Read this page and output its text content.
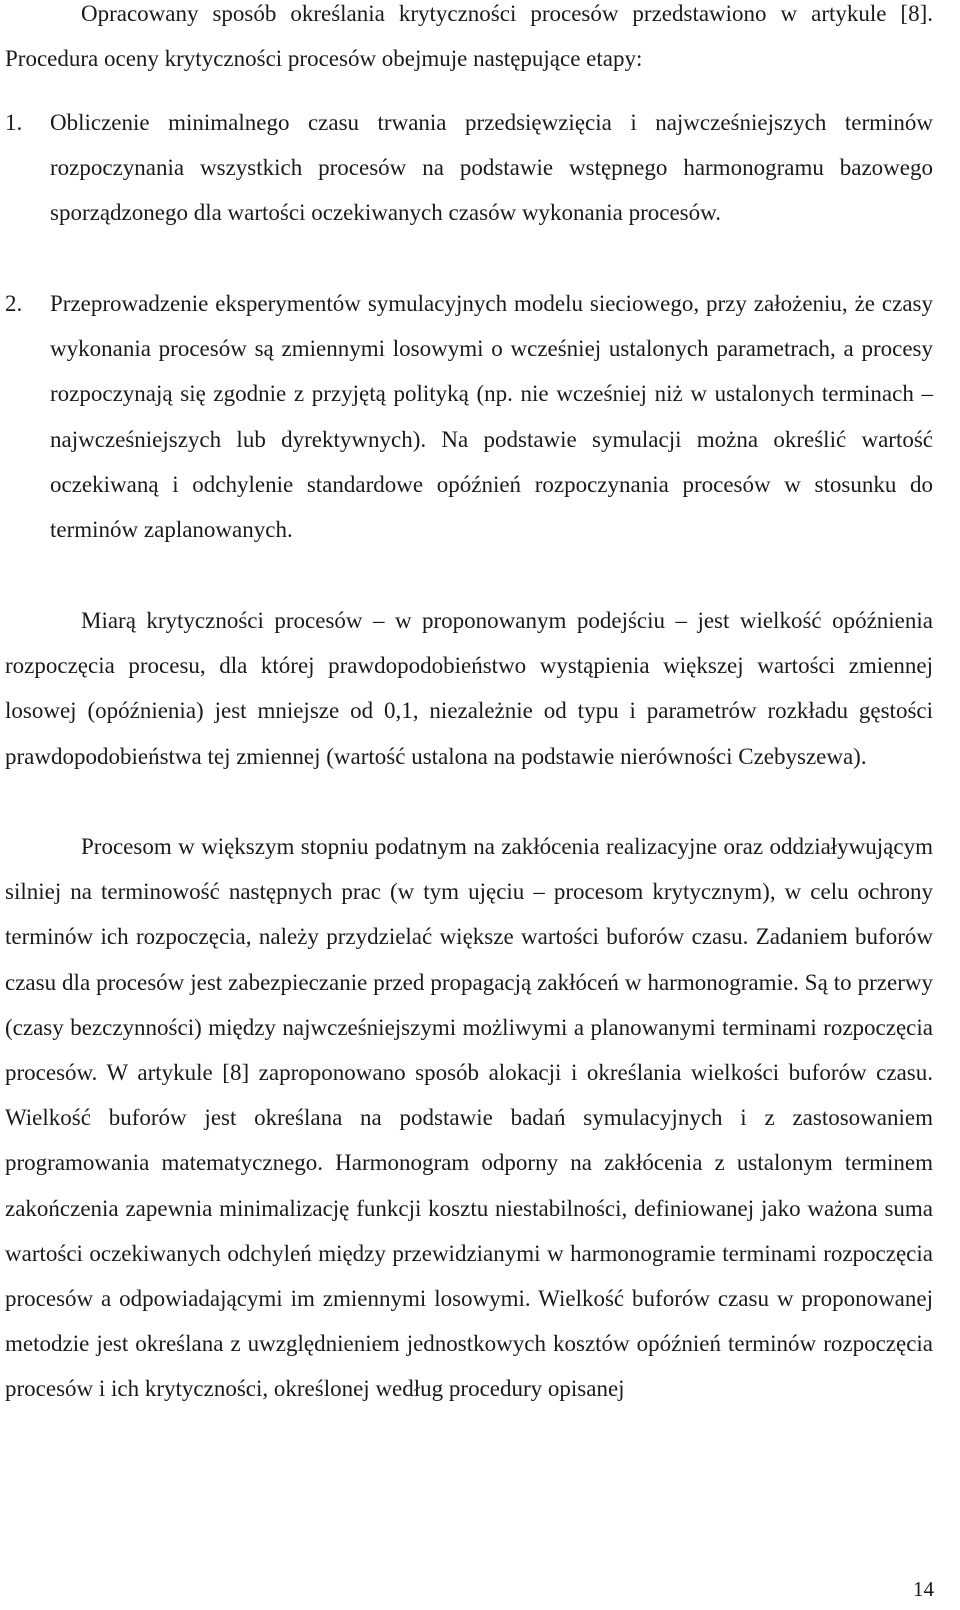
Opracowany sposób określania krytyczności procesów przedstawiono w artykule [8]. Procedura oceny krytyczności procesów obejmuje następujące etapy:

1. Obliczenie minimalnego czasu trwania przedsięwzięcia i najwcześniejszych terminów rozpoczynania wszystkich procesów na podstawie wstępnego harmonogramu bazowego sporządzonego dla wartości oczekiwanych czasów wykonania procesów.
2. Przeprowadzenie eksperymentów symulacyjnych modelu sieciowego, przy założeniu, że czasy wykonania procesów są zmiennymi losowymi o wcześniej ustalonych parametrach, a procesy rozpoczynają się zgodnie z przyjętą polityką (np. nie wcześniej niż w ustalonych terminach – najwcześniejszych lub dyrektywnych). Na podstawie symulacji można określić wartość oczekiwaną i odchylenie standardowe opóźnień rozpoczynania procesów w stosunku do terminów zaplanowanych.

Miarą krytyczności procesów – w proponowanym podejściu – jest wielkość opóźnienia rozpoczęcia procesu, dla której prawdopodobieństwo wystąpienia większej wartości zmiennej losowej (opóźnienia) jest mniejsze od 0,1, niezależnie od typu i parametrów rozkładu gęstości prawdopodobieństwa tej zmiennej (wartość ustalona na podstawie nierówności Czebyszewa).

Procesom w większym stopniu podatnym na zakłócenia realizacyjne oraz oddziaływującym silniej na terminowość następnych prac (w tym ujęciu – procesom krytycznym), w celu ochrony terminów ich rozpoczęcia, należy przydzielać większe wartości buforów czasu. Zadaniem buforów czasu dla procesów jest zabezpieczanie przed propagacją zakłóceń w harmonogramie. Są to przerwy (czasy bezczynności) między najwcześniejszymi możliwymi a planowanymi terminami rozpoczęcia procesów. W artykule [8] zaproponowano sposób alokacji i określania wielkości buforów czasu. Wielkość buforów jest określana na podstawie badań symulacyjnych i z zastosowaniem programowania matematycznego. Harmonogram odporny na zakłócenia z ustalonym terminem zakończenia zapewnia minimalizację funkcji kosztu niestabilności, definiowanej jako ważona suma wartości oczekiwanych odchyleń między przewidzianymi w harmonogramie terminami rozpoczęcia procesów a odpowiadającymi im zmiennymi losowymi. Wielkość buforów czasu w proponowanej metodzie jest określana z uwzględnieniem jednostkowych kosztów opóźnień terminów rozpoczęcia procesów i ich krytyczności, określonej według procedury opisanej

14
